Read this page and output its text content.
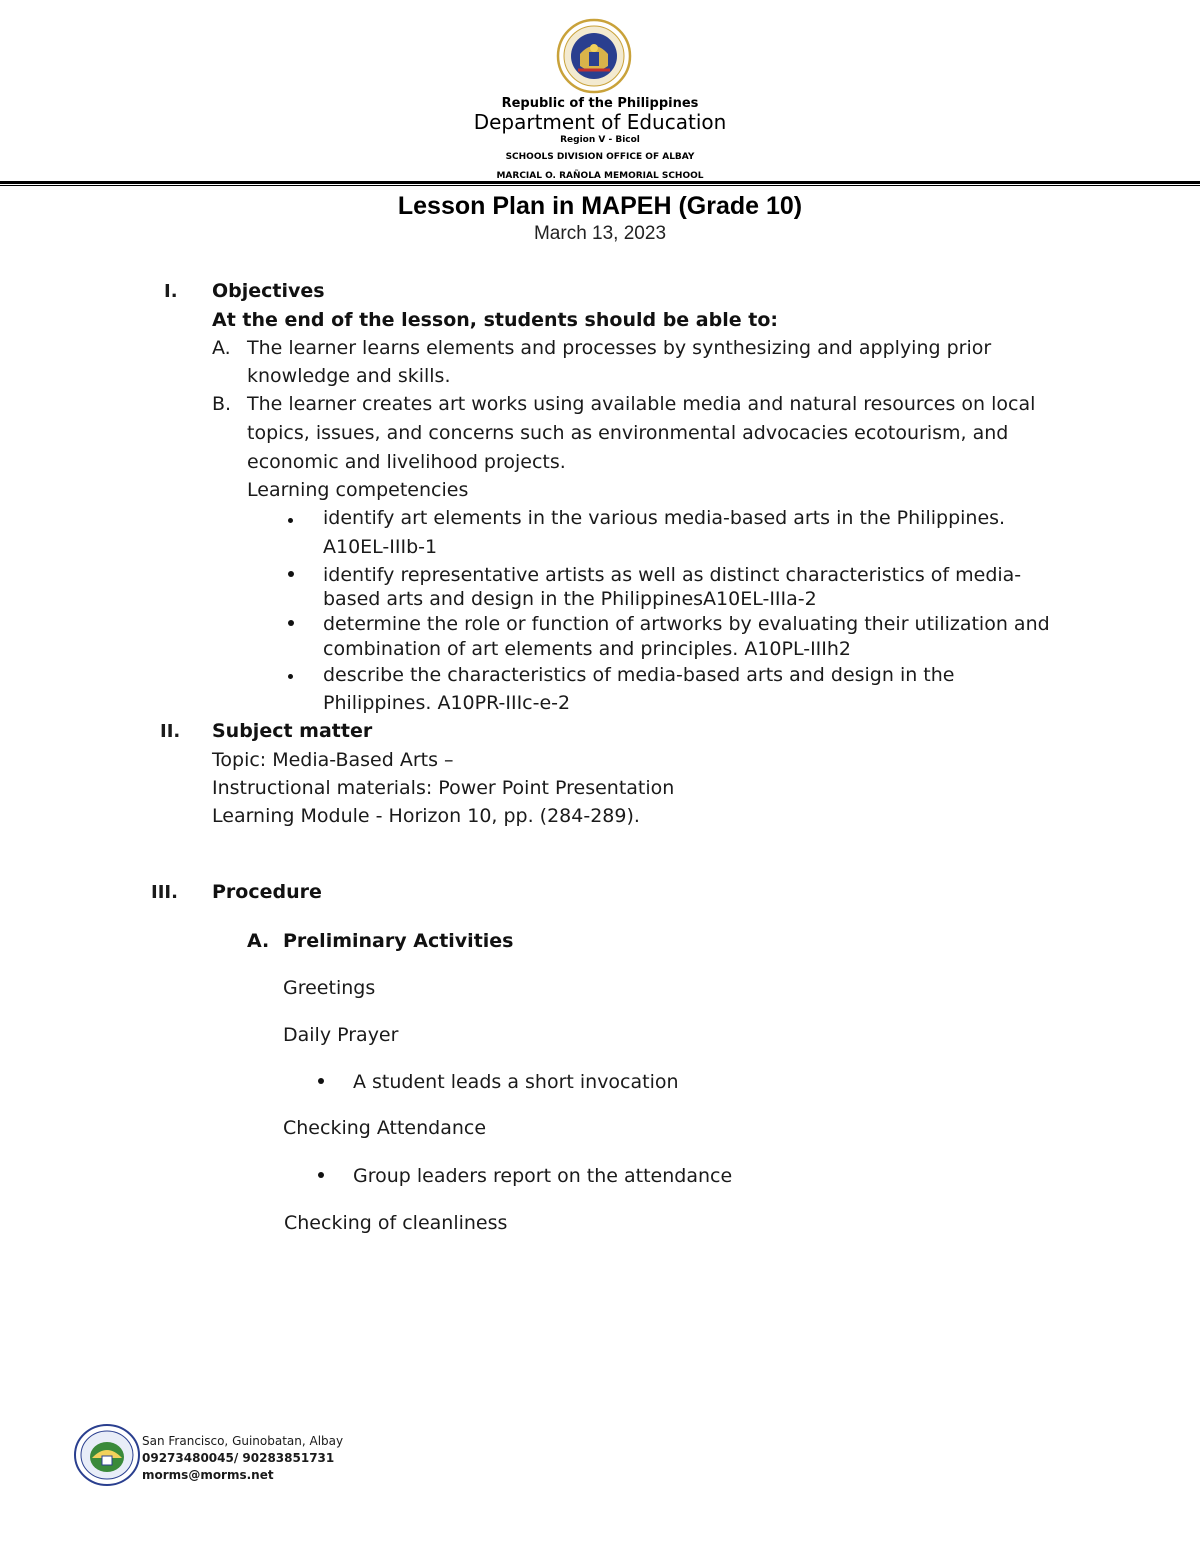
Republic of the Philippines
Department of Education
Region V - Bicol
SCHOOLS DIVISION OFFICE OF ALBAY
MARCIAL O. RAÑOLA MEMORIAL SCHOOL
Lesson Plan in MAPEH (Grade 10)
March 13, 2023
I. Objectives
At the end of the lesson, students should be able to:
A. The learner learns elements and processes by synthesizing and applying prior
knowledge and skills.
B. The learner creates art works using available media and natural resources on local
topics, issues, and concerns such as environmental advocacies ecotourism, and
economic and livelihood projects.
Learning competencies
identify art elements in the various media-based arts in the Philippines.
A10EL-IIIb-1
identify representative artists as well as distinct characteristics of media-
based arts and design in the PhilippinesA10EL-IIIa-2
determine the role or function of artworks by evaluating their utilization and
combination of art elements and principles. A10PL-IIIh2
describe the characteristics of media-based arts and design in the
Philippines. A10PR-IIIc-e-2
II. Subject matter
Topic: Media-Based Arts –
Instructional materials: Power Point Presentation
Learning Module - Horizon 10, pp. (284-289).
III. Procedure
A. Preliminary Activities
Greetings
Daily Prayer
A student leads a short invocation
Checking Attendance
Group leaders report on the attendance
Checking of cleanliness
San Francisco, Guinobatan, Albay
09273480045/ 90283851731
morms@morms.net
